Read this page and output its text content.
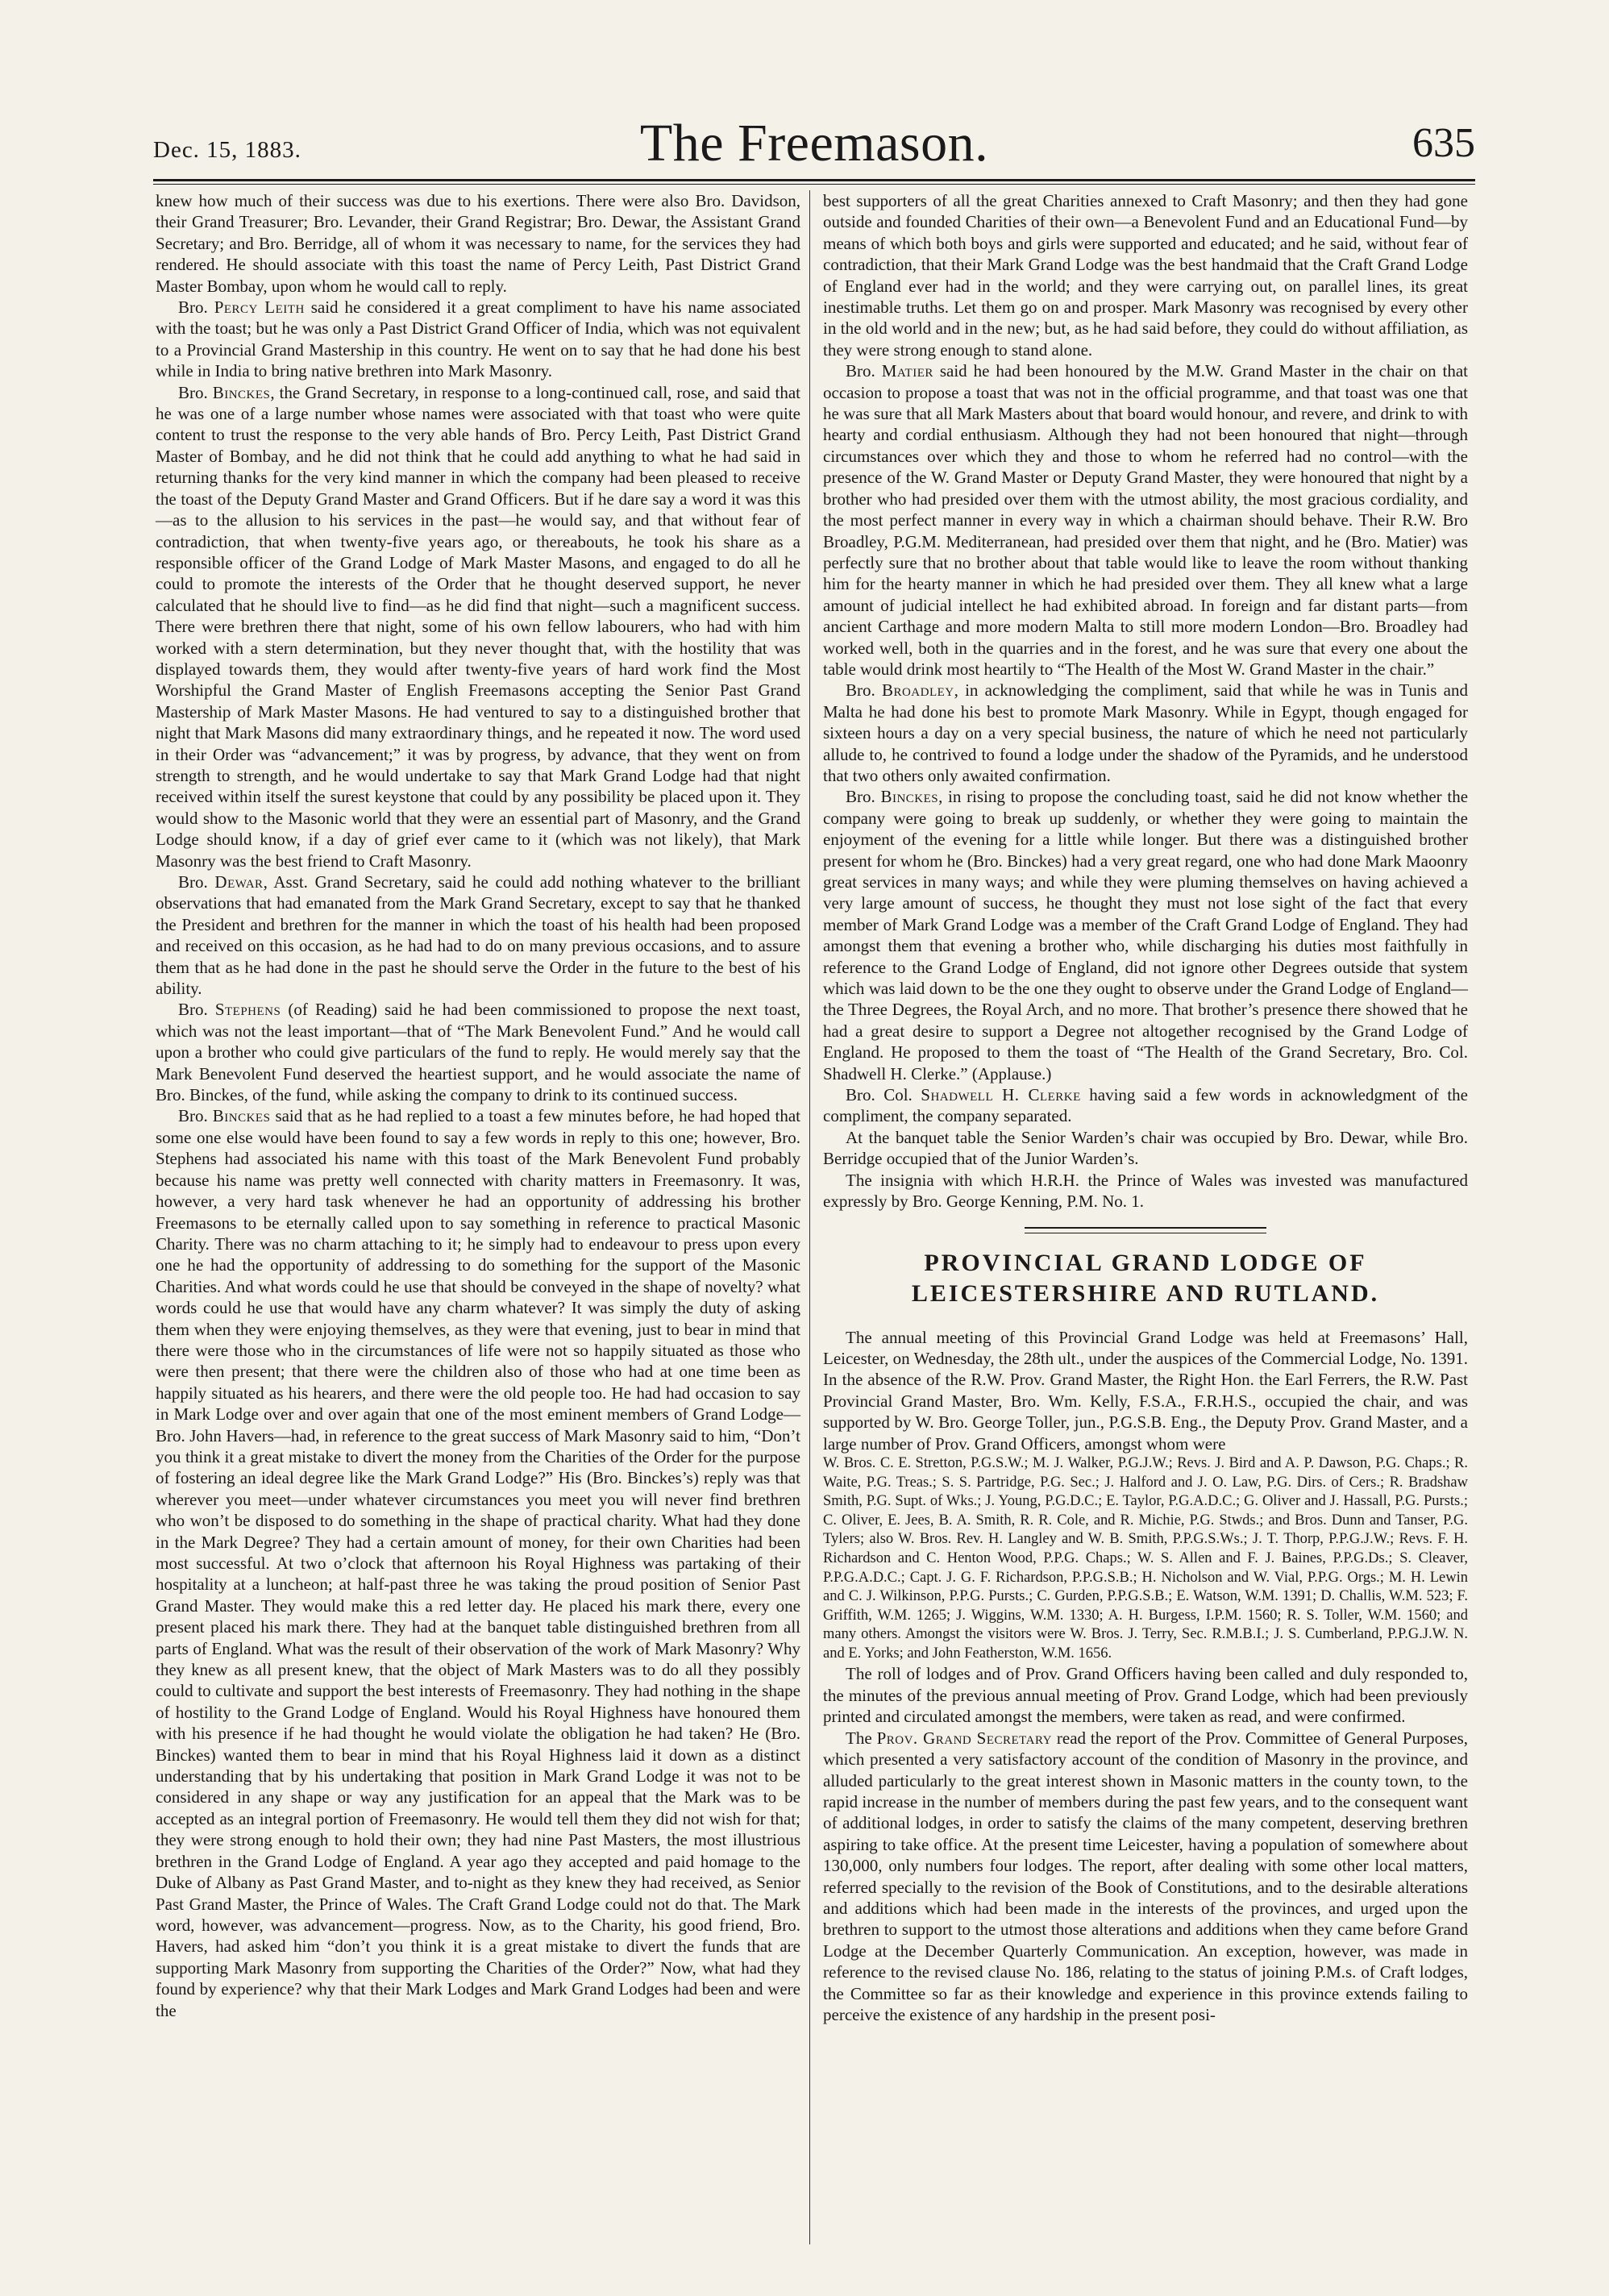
Dec. 15, 1883.	The Freemason.	635

knew how much of their success was due to his exertions. There were also Bro. Davidson, their Grand Treasurer; Bro. Levander, their Grand Registrar; Bro. Dewar, the Assistant Grand Secretary; and Bro. Berridge, all of whom it was necessary to name, for the services they had rendered. He should associate with this toast the name of Percy Leith, Past District Grand Master Bombay, upon whom he would call to reply.

Bro. Percy Leith said he considered it a great compliment to have his name associated with the toast; but he was only a Past District Grand Officer of India, which was not equivalent to a Provincial Grand Mastership in this country. He went on to say that he had done his best while in India to bring native brethren into Mark Masonry.

Bro. Binckes, the Grand Secretary, in response to a long-continued call, rose, and said that he was one of a large number whose names were associated with that toast who were quite content to trust the response to the very able hands of Bro. Percy Leith, Past District Grand Master of Bombay, and he did not think that he could add anything to what he had said in returning thanks for the very kind manner in which the company had been pleased to receive the toast of the Deputy Grand Master and Grand Officers. But if he dare say a word it was this—as to the allusion to his services in the past—he would say, and that without fear of contradiction, that when twenty-five years ago, or thereabouts, he took his share as a responsible officer of the Grand Lodge of Mark Master Masons, and engaged to do all he could to promote the interests of the Order that he thought deserved support, he never calculated that he should live to find—as he did find that night—such a magnificent success. There were brethren there that night, some of his own fellow labourers, who had with him worked with a stern determination, but they never thought that, with the hostility that was displayed towards them, they would after twenty-five years of hard work find the Most Worshipful the Grand Master of English Freemasons accepting the Senior Past Grand Mastership of Mark Master Masons. He had ventured to say to a distinguished brother that night that Mark Masons did many extraordinary things, and he repeated it now. The word used in their Order was “advancement;” it was by progress, by advance, that they went on from strength to strength, and he would undertake to say that Mark Grand Lodge had that night received within itself the surest keystone that could by any possibility be placed upon it. They would show to the Masonic world that they were an essential part of Masonry, and the Grand Lodge should know, if a day of grief ever came to it (which was not likely), that Mark Masonry was the best friend to Craft Masonry.

Bro. Dewar, Asst. Grand Secretary, said he could add nothing whatever to the brilliant observations that had emanated from the Mark Grand Secretary, except to say that he thanked the President and brethren for the manner in which the toast of his health had been proposed and received on this occasion, as he had had to do on many previous occasions, and to assure them that as he had done in the past he should serve the Order in the future to the best of his ability.

Bro. Stephens (of Reading) said he had been commissioned to propose the next toast, which was not the least important—that of “The Mark Benevolent Fund.” And he would call upon a brother who could give particulars of the fund to reply. He would merely say that the Mark Benevolent Fund deserved the heartiest support, and he would associate the name of Bro. Binckes, of the fund, while asking the company to drink to its continued success.

Bro. Binckes said that as he had replied to a toast a few minutes before, he had hoped that some one else would have been found to say a few words in reply to this one; however, Bro. Stephens had associated his name with this toast of the Mark Benevolent Fund probably because his name was pretty well connected with charity matters in Freemasonry. It was, however, a very hard task whenever he had an opportunity of addressing his brother Freemasons to be eternally called upon to say something in reference to practical Masonic Charity. There was no charm attaching to it; he simply had to endeavour to press upon every one he had the opportunity of addressing to do something for the support of the Masonic Charities. And what words could he use that should be conveyed in the shape of novelty? what words could he use that would have any charm whatever? It was simply the duty of asking them when they were enjoying themselves, as they were that evening, just to bear in mind that there were those who in the circumstances of life were not so happily situated as those who were then present; that there were the children also of those who had at one time been as happily situated as his hearers, and there were the old people too. He had had occasion to say in Mark Lodge over and over again that one of the most eminent members of Grand Lodge—Bro. John Havers—had, in reference to the great success of Mark Masonry said to him, “Don’t you think it a great mistake to divert the money from the Charities of the Order for the purpose of fostering an ideal degree like the Mark Grand Lodge?” His (Bro. Binckes’s) reply was that wherever you meet—under whatever circumstances you meet you will never find brethren who won’t be disposed to do something in the shape of practical charity. What had they done in the Mark Degree? They had a certain amount of money, for their own Charities had been most successful. At two o’clock that afternoon his Royal Highness was partaking of their hospitality at a luncheon; at half-past three he was taking the proud position of Senior Past Grand Master. They would make this a red letter day. He placed his mark there, every one present placed his mark there. They had at the banquet table distinguished brethren from all parts of England. What was the result of their observation of the work of Mark Masonry? Why they knew as all present knew, that the object of Mark Masters was to do all they possibly could to cultivate and support the best interests of Freemasonry. They had nothing in the shape of hostility to the Grand Lodge of England. Would his Royal Highness have honoured them with his presence if he had thought he would violate the obligation he had taken? He (Bro. Binckes) wanted them to bear in mind that his Royal Highness laid it down as a distinct understanding that by his undertaking that position in Mark Grand Lodge it was not to be considered in any shape or way any justification for an appeal that the Mark was to be accepted as an integral portion of Freemasonry. He would tell them they did not wish for that; they were strong enough to hold their own; they had nine Past Masters, the most illustrious brethren in the Grand Lodge of England. A year ago they accepted and paid homage to the Duke of Albany as Past Grand Master, and to-night as they knew they had received, as Senior Past Grand Master, the Prince of Wales. The Craft Grand Lodge could not do that. The Mark word, however, was advancement—progress. Now, as to the Charity, his good friend, Bro. Havers, had asked him “don’t you think it is a great mistake to divert the funds that are supporting Mark Masonry from supporting the Charities of the Order?” Now, what had they found by experience? why that their Mark Lodges and Mark Grand Lodges had been and were the

best supporters of all the great Charities annexed to Craft Masonry; and then they had gone outside and founded Charities of their own—a Benevolent Fund and an Educational Fund—by means of which both boys and girls were supported and educated; and he said, without fear of contradiction, that their Mark Grand Lodge was the best handmaid that the Craft Grand Lodge of England ever had in the world; and they were carrying out, on parallel lines, its great inestimable truths. Let them go on and prosper. Mark Masonry was recognised by every other in the old world and in the new; but, as he had said before, they could do without affiliation, as they were strong enough to stand alone.

Bro. Matier said he had been honoured by the M.W. Grand Master in the chair on that occasion to propose a toast that was not in the official programme, and that toast was one that he was sure that all Mark Masters about that board would honour, and revere, and drink to with hearty and cordial enthusiasm. Although they had not been honoured that night—through circumstances over which they and those to whom he referred had no control—with the presence of the W. Grand Master or Deputy Grand Master, they were honoured that night by a brother who had presided over them with the utmost ability, the most gracious cordiality, and the most perfect manner in every way in which a chairman should behave. Their R.W. Bro Broadley, P.G.M. Mediterranean, had presided over them that night, and he (Bro. Matier) was perfectly sure that no brother about that table would like to leave the room without thanking him for the hearty manner in which he had presided over them. They all knew what a large amount of judicial intellect he had exhibited abroad. In foreign and far distant parts—from ancient Carthage and more modern Malta to still more modern London—Bro. Broadley had worked well, both in the quarries and in the forest, and he was sure that every one about the table would drink most heartily to “The Health of the Most W. Grand Master in the chair.”

Bro. Broadley, in acknowledging the compliment, said that while he was in Tunis and Malta he had done his best to promote Mark Masonry. While in Egypt, though engaged for sixteen hours a day on a very special business, the nature of which he need not particularly allude to, he contrived to found a lodge under the shadow of the Pyramids, and he understood that two others only awaited confirmation.

Bro. Binckes, in rising to propose the concluding toast, said he did not know whether the company were going to break up suddenly, or whether they were going to maintain the enjoyment of the evening for a little while longer. But there was a distinguished brother present for whom he (Bro. Binckes) had a very great regard, one who had done Mark Maoonry great services in many ways; and while they were pluming themselves on having achieved a very large amount of success, he thought they must not lose sight of the fact that every member of Mark Grand Lodge was a member of the Craft Grand Lodge of England. They had amongst them that evening a brother who, while discharging his duties most faithfully in reference to the Grand Lodge of England, did not ignore other Degrees outside that system which was laid down to be the one they ought to observe under the Grand Lodge of England—the Three Degrees, the Royal Arch, and no more. That brother’s presence there showed that he had a great desire to support a Degree not altogether recognised by the Grand Lodge of England. He proposed to them the toast of “The Health of the Grand Secretary, Bro. Col. Shadwell H. Clerke.” (Applause.)

Bro. Col. Shadwell H. Clerke having said a few words in acknowledgment of the compliment, the company separated.

At the banquet table the Senior Warden’s chair was occupied by Bro. Dewar, while Bro. Berridge occupied that of the Junior Warden’s.

The insignia with which H.R.H. the Prince of Wales was invested was manufactured expressly by Bro. George Kenning, P.M. No. 1.

PROVINCIAL GRAND LODGE OF LEICESTERSHIRE AND RUTLAND.

The annual meeting of this Provincial Grand Lodge was held at Freemasons’ Hall, Leicester, on Wednesday, the 28th ult., under the auspices of the Commercial Lodge, No. 1391. In the absence of the R.W. Prov. Grand Master, the Right Hon. the Earl Ferrers, the R.W. Past Provincial Grand Master, Bro. Wm. Kelly, F.S.A., F.R.H.S., occupied the chair, and was supported by W. Bro. George Toller, jun., P.G.S.B. Eng., the Deputy Prov. Grand Master, and a large number of Prov. Grand Officers, amongst whom were

W. Bros. C. E. Stretton, P.G.S.W.; M. J. Walker, P.G.J.W.; Revs. J. Bird and A. P. Dawson, P.G. Chaps.; R. Waite, P.G. Treas.; S. S. Partridge, P.G. Sec.; J. Halford and J. O. Law, P.G. Dirs. of Cers.; R. Bradshaw Smith, P.G. Supt. of Wks.; J. Young, P.G.D.C.; E. Taylor, P.G.A.D.C.; G. Oliver and J. Hassall, P.G. Pursts.; C. Oliver, E. Jees, B. A. Smith, R. R. Cole, and R. Michie, P.G. Stwds.; and Bros. Dunn and Tanser, P.G. Tylers; also W. Bros. Rev. H. Langley and W. B. Smith, P.P.G.S.Ws.; J. T. Thorp, P.P.G.J.W.; Revs. F. H. Richardson and C. Henton Wood, P.P.G. Chaps.; W. S. Allen and F. J. Baines, P.P.G.Ds.; S. Cleaver, P.P.G.A.D.C.; Capt. J. G. F. Richardson, P.P.G.S.B.; H. Nicholson and W. Vial, P.P.G. Orgs.; M. H. Lewin and C. J. Wilkinson, P.P.G. Pursts.; C. Gurden, P.P.G.S.B.; E. Watson, W.M. 1391; D. Challis, W.M. 523; F. Griffith, W.M. 1265; J. Wiggins, W.M. 1330; A. H. Burgess, I.P.M. 1560; R. S. Toller, W.M. 1560; and many others. Amongst the visitors were W. Bros. J. Terry, Sec. R.M.B.I.; J. S. Cumberland, P.P.G.J.W. N. and E. Yorks; and John Featherston, W.M. 1656.

The roll of lodges and of Prov. Grand Officers having been called and duly responded to, the minutes of the previous annual meeting of Prov. Grand Lodge, which had been previously printed and circulated amongst the members, were taken as read, and were confirmed.

The Prov. Grand Secretary read the report of the Prov. Committee of General Purposes, which presented a very satisfactory account of the condition of Masonry in the province, and alluded particularly to the great interest shown in Masonic matters in the county town, to the rapid increase in the number of members during the past few years, and to the consequent want of additional lodges, in order to satisfy the claims of the many competent, deserving brethren aspiring to take office. At the present time Leicester, having a population of somewhere about 130,000, only numbers four lodges. The report, after dealing with some other local matters, referred specially to the revision of the Book of Constitutions, and to the desirable alterations and additions which had been made in the interests of the provinces, and urged upon the brethren to support to the utmost those alterations and additions when they came before Grand Lodge at the December Quarterly Communication. An exception, however, was made in reference to the revised clause No. 186, relating to the status of joining P.M.s. of Craft lodges, the Committee so far as their knowledge and experience in this province extends failing to perceive the existence of any hardship in the present posi-
